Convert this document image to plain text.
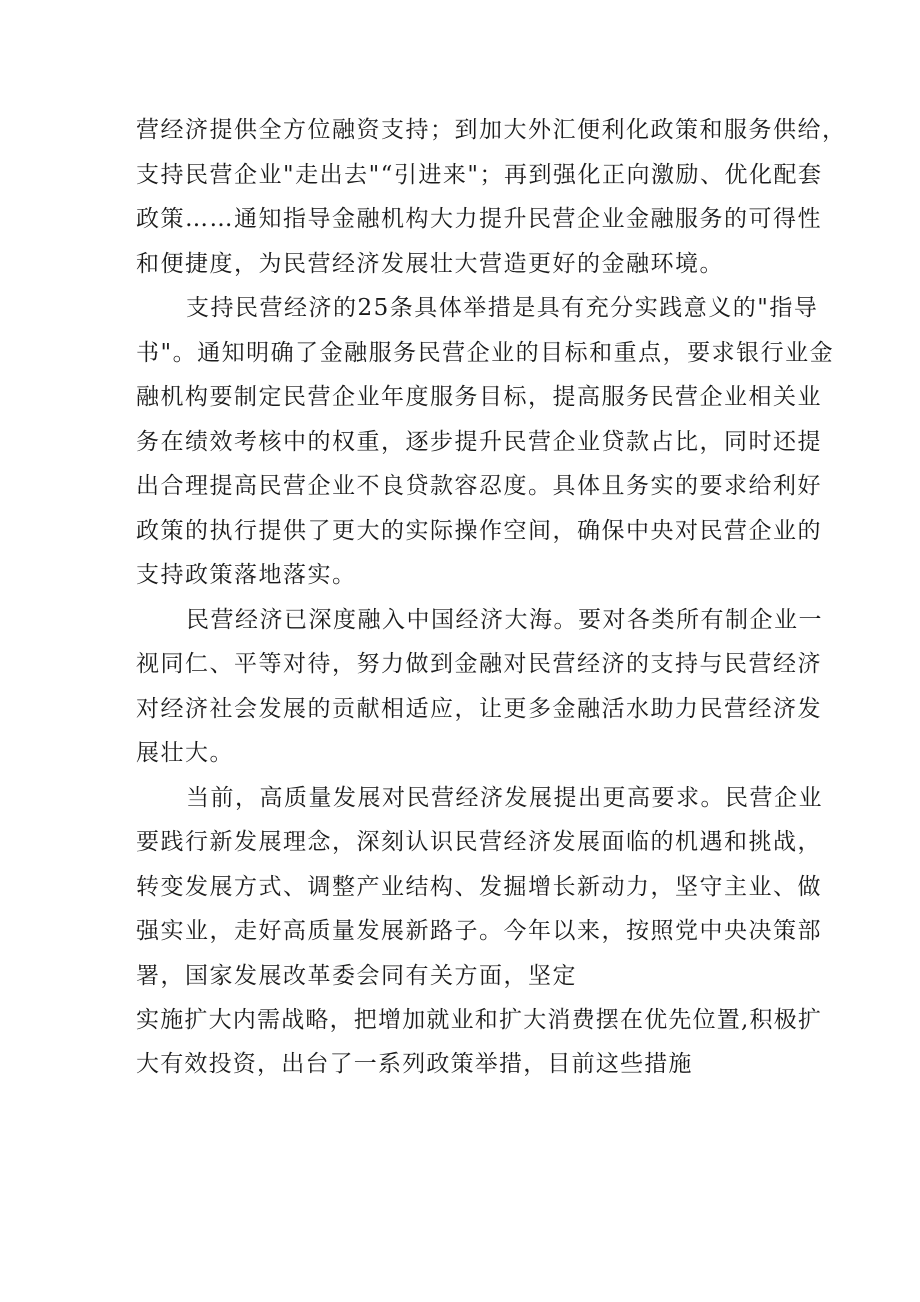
营经济提供全方位融资支持；到加大外汇便利化政策和服务供给，
支持民营企业"走出去"“引进来"；再到强化正向激励、优化配套
政策……通知指导金融机构大力提升民营企业金融服务的可得性
和便捷度，为民营经济发展壮大营造更好的金融环境。

支持民营经济的25条具体举措是具有充分实践意义的"指导
书"。通知明确了金融服务民营企业的目标和重点，要求银行业金
融机构要制定民营企业年度服务目标，提高服务民营企业相关业
务在绩效考核中的权重，逐步提升民营企业贷款占比，同时还提
出合理提高民营企业不良贷款容忍度。具体且务实的要求给利好
政策的执行提供了更大的实际操作空间，确保中央对民营企业的
支持政策落地落实。

民营经济已深度融入中国经济大海。要对各类所有制企业一
视同仁、平等对待，努力做到金融对民营经济的支持与民营经济
对经济社会发展的贡献相适应，让更多金融活水助力民营经济发
展壮大。

当前，高质量发展对民营经济发展提出更高要求。民营企业
要践行新发展理念，深刻认识民营经济发展面临的机遇和挑战，
转变发展方式、调整产业结构、发掘增长新动力，坚守主业、做
强实业，走好高质量发展新路子。今年以来，按照党中央决策部
署，国家发展改革委会同有关方面，坚定

实施扩大内需战略，把增加就业和扩大消费摆在优先位置,积极扩
大有效投资，出台了一系列政策举措，目前这些措施
